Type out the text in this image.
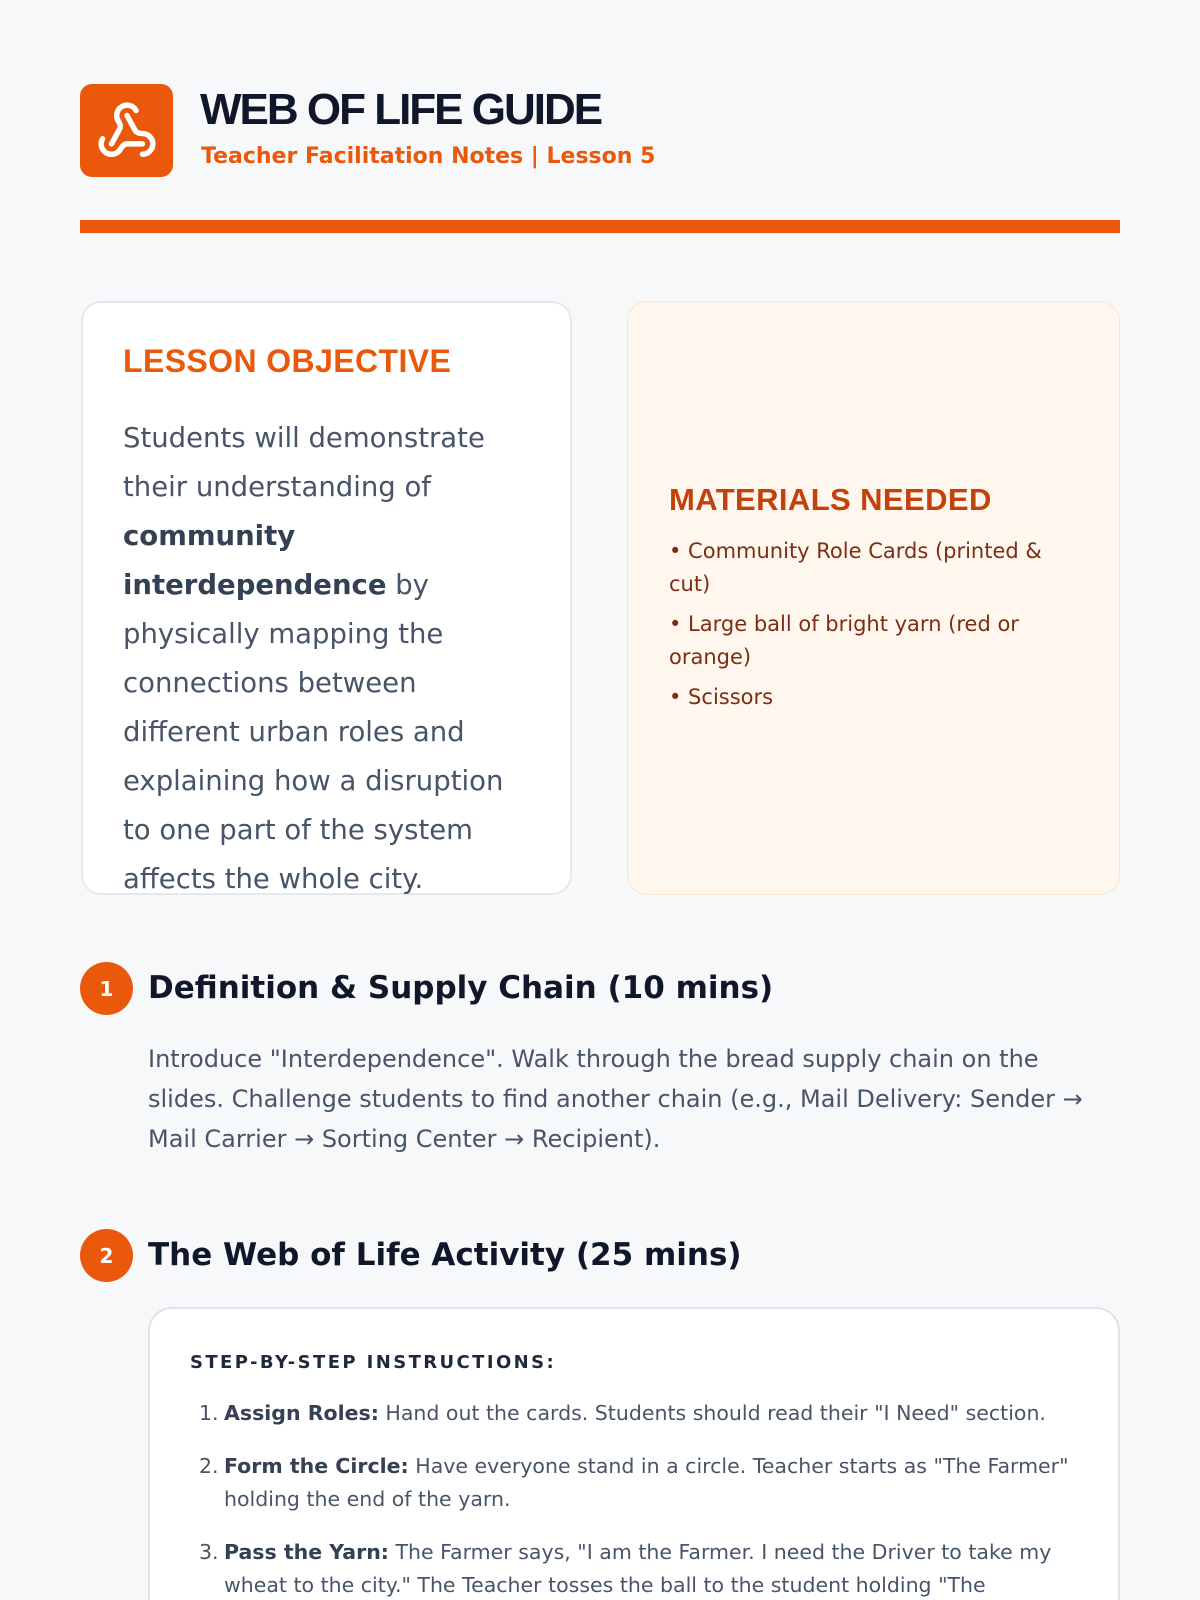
WEB OF LIFE GUIDE
Teacher Facilitation Notes | Lesson 5
LESSON OBJECTIVE

Students will demonstrate their understanding of community interdependence by physically mapping the connections between different urban roles and explaining how a disruption to one part of the system affects the whole city.

MATERIALS NEEDED
• Community Role Cards (printed & cut)
• Large ball of bright yarn (red or orange)
• Scissors
1	Definition & Supply Chain (10 mins)

Introduce "Interdependence". Walk through the bread supply chain on the slides. Challenge students to find another chain (e.g., Mail Delivery: Sender → Mail Carrier → Sorting Center → Recipient).

2	The Web of Life Activity (25 mins)
STEP-BY-STEP INSTRUCTIONS:
1. Assign Roles: Hand out the cards. Students should read their "I Need" section.
2. Form the Circle: Have everyone stand in a circle. Teacher starts as "The Farmer" holding the end of the yarn.
3. Pass the Yarn: The Farmer says, "I am the Farmer. I need the Driver to take my wheat to the city." The Teacher tosses the ball to the student holding "The
